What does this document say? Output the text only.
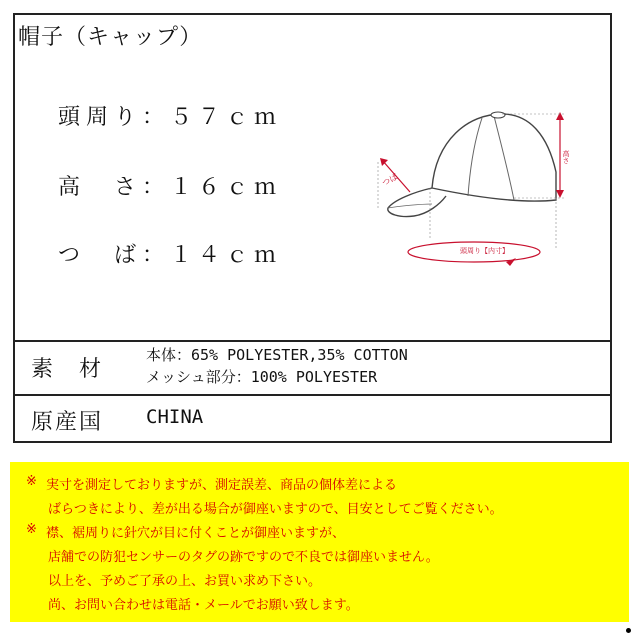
帽子（キャップ）
頭周り：５７ｃｍ
高　さ：１６ｃｍ
つ　ば：１４ｃｍ
高さ
つば
頭周り【内寸】
素　材
本体：65% POLYESTER,35% COTTON
メッシュ部分：100% POLYESTER
原産国 CHINA
※ 実寸を測定しておりますが、測定誤差、商品の個体差による
ばらつきにより、差が出る場合が御座いますので、目安としてご覧ください。
※ 襟、裾周りに針穴が目に付くことが御座いますが、
店舗での防犯センサーのタグの跡ですので不良では御座いません。
以上を、予めご了承の上、お買い求め下さい。
尚、お問い合わせは電話・メールでお願い致します。
